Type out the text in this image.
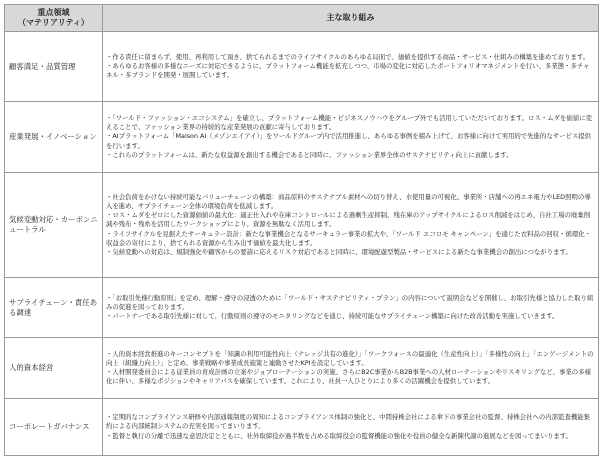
重点領域
（マテリアリティ）	主な取り組み
顧客満足・品質管理	・作る責任に留まらず、使用、再利用して頂き、捨てられるまでのライフサイクルのあらゆる局面で、価値を提供する商品・サービス・仕組みの構築を進めております。
・あらゆるお客様の多様なニーズに対応できるように、プラットフォーム機能を拡充しつつ、市場の変化に対応したポートフォリオマネジメントを行い、多業態・多チャネル・多ブランドを開発・展開しています。

産業発展・イノベーション	・「ワールド・ファッション・エコシステム」を確立し、プラットフォーム機能・ビジネスノウハウをグループ外でも活用していただいております。ロス・ムダを価値に変えることで、ファッション業界の持続的な産業発展の貢献に寄与しております。
・AIプラットフォーム「Maison AI（メゾンエイアイ）」をワールドグループ内で活用推進し、あらゆる事例を積み上げて、お客様に向けて実用的で先進的なサービス提供を行います。
・これらのプラットフォームは、新たな収益源を創出する機会であると同時に、ファッション業界全体のサステナビリティ向上に貢献します。

気候変動対応・カーボンニュートラル	・社会負荷をかけない持続可能なバリューチェーンの構築：商品原料のサステナブル素材への切り替え、水使用量の可視化、事業所・店舗への再エネ電力やLED照明の導入を進め、サプライチェーン全体の環境負荷を低減します。
・ロス・ムダをゼロにした資源価値の最大化：適正仕入れや在庫コントロールによる過剰生産抑制、残在庫のアップサイクルによるロス削減をはじめ、自社工場の廃棄削減や残布・残糸を活用したワークショップにより、資源を無駄なく活用します。
・ライフサイクルを見据えたサーキュラー設計：新たな事業機会となるサーキュラー事業の拡大や、「ワールド エコロモ キャンペーン」を通じた衣料品の回収・循環化・収益金の寄付により、捨てられる資源から生み出す価値を最大化します。
・気候変動への対応は、規制強化や顧客からの要請に応えるリスク対応であると同時に、環境配慮型製品・サービスによる新たな事業機会の創出につながります。

サプライチェーン・責任ある調達	・「お取引先様行動原則」を定め、理解・遵守の浸透のために「ワールド・サステナビリティ・プラン」の内容について説明会などを開催し、お取引先様と協力した取り組みの促進を図っております。
・パートナーである取引先様に対して、行動原則の遵守のモニタリングなどを通じ、持続可能なサプライチェーン構築に向けた改善活動を実施していきます。

人的資本経営	・人的資本経営推進のキーコンセプトを「知識の利用可能性向上（ナレッジ共有の進化）」「ワークフォースの最適化（生産性向上）」「多様性の向上」「エンゲージメントの向上（組織力向上）」と定め、事業戦略や事業成長施策と連動させたKPIを設定しています。
・人材開発委員会による従業員の育成計画の立案やジョブローテーションの実施、さらにB2C事業からB2B事業への人材ローテーションやリスキリングなど、事業の多様化に伴い、多様なポジションやキャリアパスを確保しています。これにより、社員一人ひとりにより多くの活躍機会を提供しています。

コーポレートガバナンス	・定期的なコンプライアンス研修や内部通報制度の周知によるコンプライアンス体制の強化と、中間持株会社による傘下の事業会社の監督、持株会社への内部監査機能集約による内部統制システムの充実を図ってまいります。
・監督と執行の分離で迅速な意思決定とともに、社外取締役が過半数を占める取締役会の監督機能の強化や役員の健全な新陳代謝の進展などを図ってまいります。
